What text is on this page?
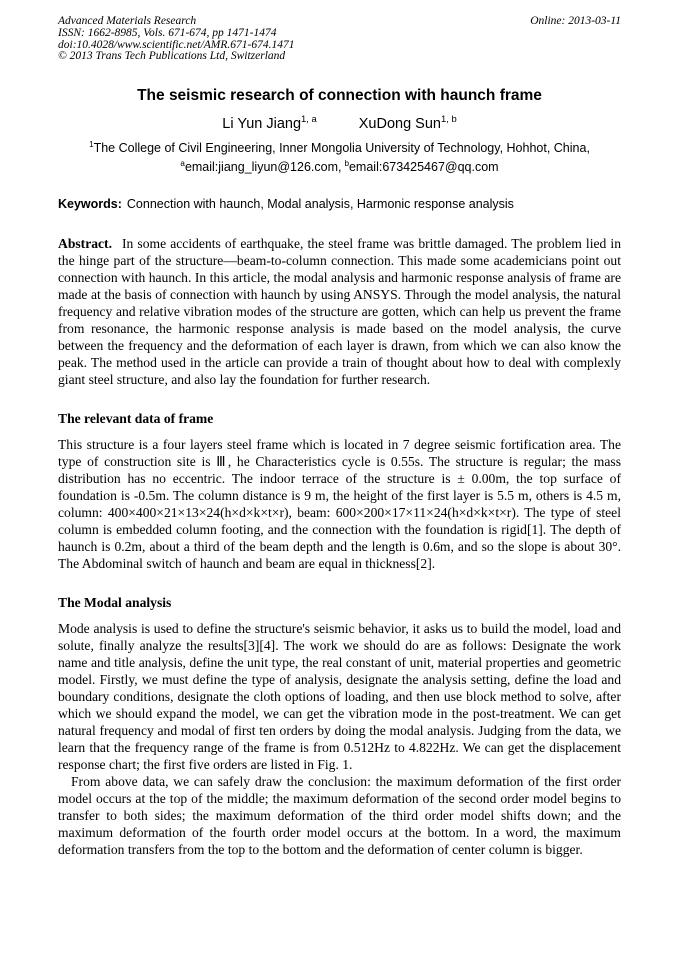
Advanced Materials Research
ISSN: 1662-8985, Vols. 671-674, pp 1471-1474
doi:10.4028/www.scientific.net/AMR.671-674.1471
© 2013 Trans Tech Publications Ltd, Switzerland
Online: 2013-03-11
The seismic research of connection with haunch frame
Li Yun Jiang$^{1, a}$	XuDong Sun$^{1, b}$
$^1$The College of Civil Engineering, Inner Mongolia University of Technology, Hohhot, China,
$^a$email:jiang_liyun@126.com, $^b$email:673425467@qq.com
Keywords: Connection with haunch, Modal analysis, Harmonic response analysis

Abstract. In some accidents of earthquake, the steel frame was brittle damaged. The problem lied in the hinge part of the structure—beam-to-column connection. This made some academicians point out connection with haunch. In this article, the modal analysis and harmonic response analysis of frame are made at the basis of connection with haunch by using ANSYS. Through the model analysis, the natural frequency and relative vibration modes of the structure are gotten, which can help us prevent the frame from resonance, the harmonic response analysis is made based on the model analysis, the curve between the frequency and the deformation of each layer is drawn, from which we can also know the peak. The method used in the article can provide a train of thought about how to deal with complexly giant steel structure, and also lay the foundation for further research.

The relevant data of frame

This structure is a four layers steel frame which is located in 7 degree seismic fortification area. The type of construction site is Ⅲ, he Characteristics cycle is 0.55s. The structure is regular; the mass distribution has no eccentric. The indoor terrace of the structure is ± 0.00m, the top surface of foundation is -0.5m. The column distance is 9 m, the height of the first layer is 5.5 m, others is 4.5 m, column: 400×400×21×13×24(h×d×k×t×r), beam: 600×200×17×11×24(h×d×k×t×r). The type of steel column is embedded column footing, and the connection with the foundation is rigid[1]. The depth of haunch is 0.2m, about a third of the beam depth and the length is 0.6m, and so the slope is about 30°. The Abdominal switch of haunch and beam are equal in thickness[2].

The Modal analysis

Mode analysis is used to define the structure's seismic behavior, it asks us to build the model, load and solute, finally analyze the results[3][4]. The work we should do are as follows: Designate the work name and title analysis, define the unit type, the real constant of unit, material properties and geometric model. Firstly, we must define the type of analysis, designate the analysis setting, define the load and boundary conditions, designate the cloth options of loading, and then use block method to solve, after which we should expand the model, we can get the vibration mode in the post-treatment. We can get natural frequency and modal of first ten orders by doing the modal analysis. Judging from the data, we learn that the frequency range of the frame is from 0.512Hz to 4.822Hz. We can get the displacement response chart; the first five orders are listed in Fig. 1.

From above data, we can safely draw the conclusion: the maximum deformation of the first order model occurs at the top of the middle; the maximum deformation of the second order model begins to transfer to both sides; the maximum deformation of the third order model shifts down; and the maximum deformation of the fourth order model occurs at the bottom. In a word, the maximum deformation transfers from the top to the bottom and the deformation of center column is bigger.
